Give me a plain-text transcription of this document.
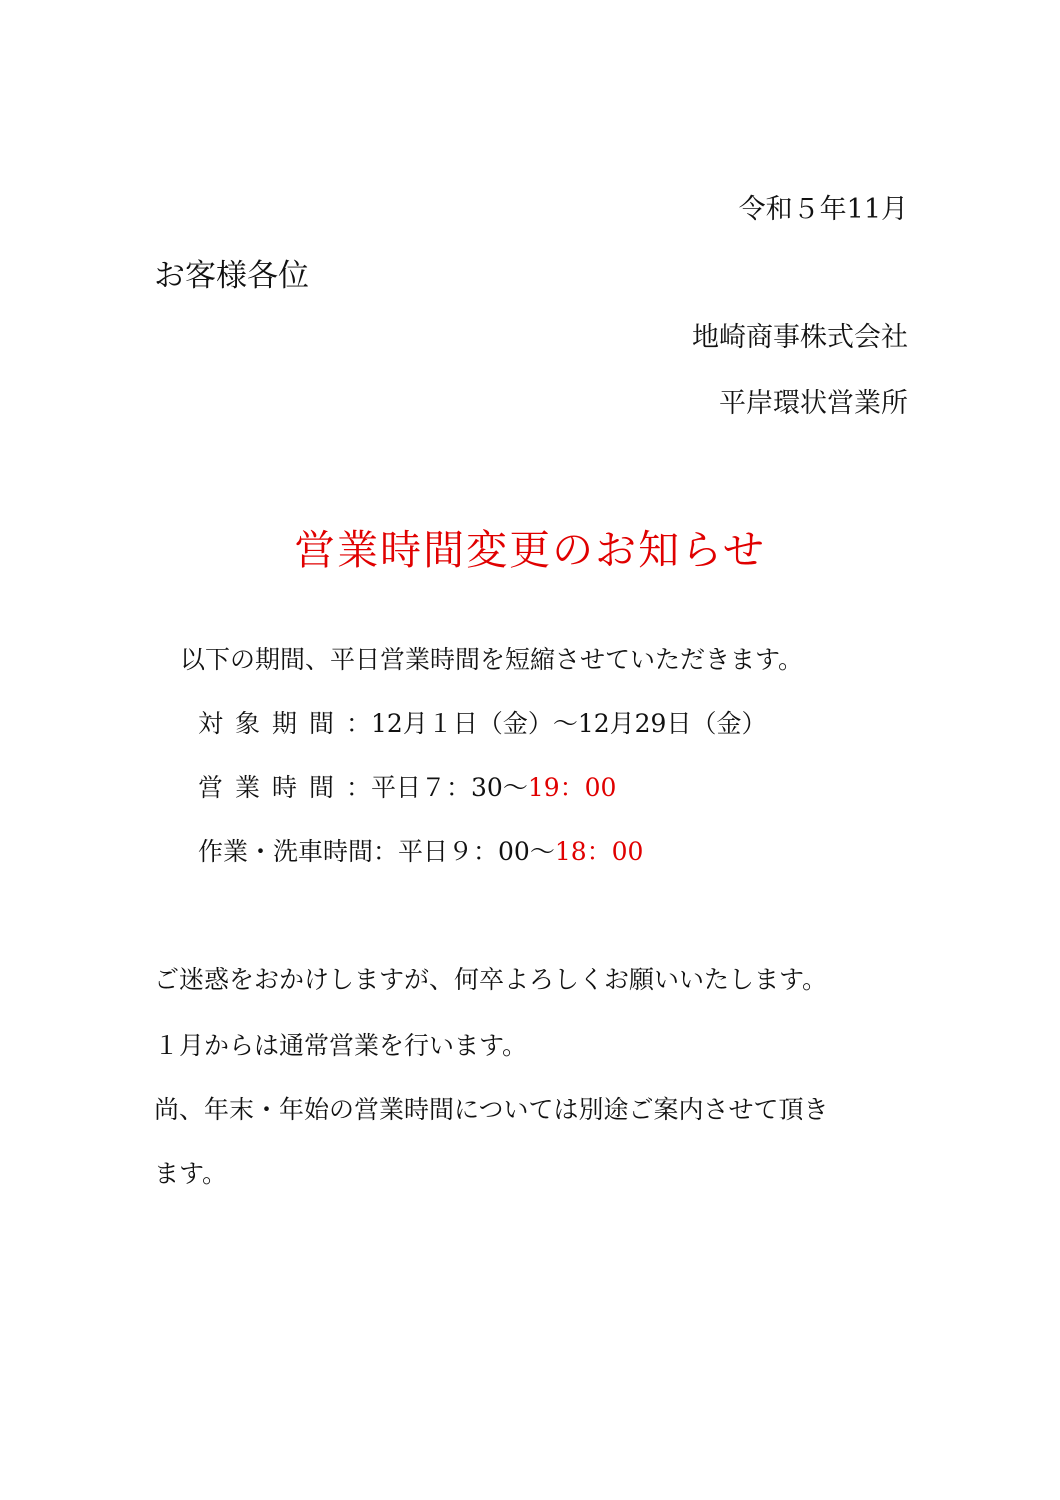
令和５年11月
お客様各位
地崎商事株式会社
平岸環状営業所
営業時間変更のお知らせ
以下の期間、平日営業時間を短縮させていただきます。
対象期間：12月１日（金）〜12月29日（金）
営業時間：平日７：30〜19：00
作業・洗車時間：平日９：00〜18：00
ご迷惑をおかけしますが、何卒よろしくお願いいたします。
１月からは通常営業を行います。
尚、年末・年始の営業時間については別途ご案内させて頂き
ます。
